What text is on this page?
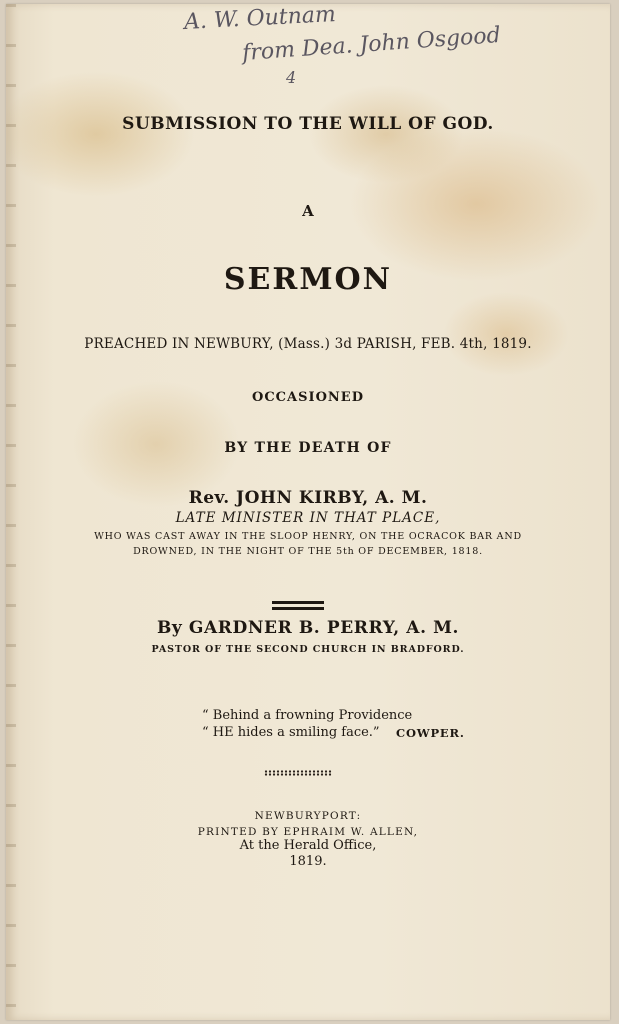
A. W. Outnam
from Dea. John Osgood
4
SUBMISSION TO THE WILL OF GOD.
A
SERMON
PREACHED IN NEWBURY, (Mass.) 3d PARISH, FEB. 4th, 1819.
OCCASIONED
BY THE DEATH OF
Rev. JOHN KIRBY, A. M.
LATE MINISTER IN THAT PLACE,
WHO WAS CAST AWAY IN THE SLOOP HENRY, ON THE OCRACOK BAR AND DROWNED, IN THE NIGHT OF THE 5th OF DECEMBER, 1818.
By GARDNER B. PERRY, A. M.
PASTOR OF THE SECOND CHURCH IN BRADFORD.
“ Behind a frowning Providence
“ HE hides a smiling face.” COWPER.
NEWBURYPORT:
PRINTED BY EPHRAIM W. ALLEN,
At the Herald Office,
1819.
